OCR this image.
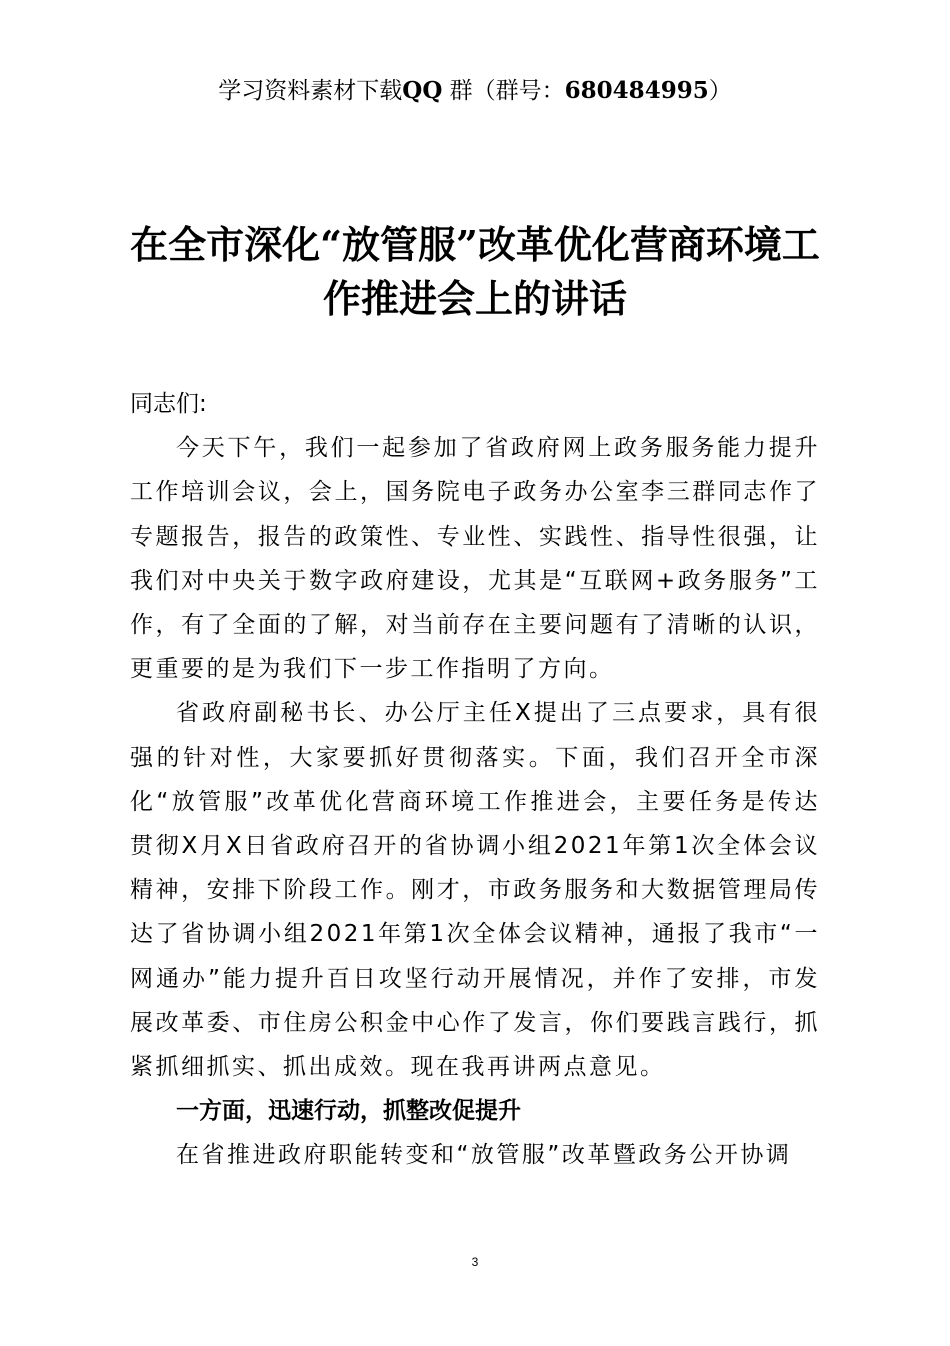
学习资料素材下载QQ 群（群号：680484995）
在全市深化“放管服”改革优化营商环境工
作推进会上的讲话

同志们:

今天下午，我们一起参加了省政府网上政务服务能力提升工作培训会议，会上，国务院电子政务办公室李三群同志作了专题报告，报告的政策性、专业性、实践性、指导性很强，让我们对中央关于数字政府建设，尤其是“互联网+政务服务”工作，有了全面的了解，对当前存在主要问题有了清晰的认识，更重要的是为我们下一步工作指明了方向。

省政府副秘书长、办公厅主任X提出了三点要求，具有很强的针对性，大家要抓好贯彻落实。下面，我们召开全市深化“放管服”改革优化营商环境工作推进会，主要任务是传达贯彻X月X日省政府召开的省协调小组2021年第1次全体会议精神，安排下阶段工作。刚才，市政务服务和大数据管理局传达了省协调小组2021年第1次全体会议精神，通报了我市“一网通办”能力提升百日攻坚行动开展情况，并作了安排，市发展改革委、市住房公积金中心作了发言，你们要践言践行，抓紧抓细抓实、抓出成效。现在我再讲两点意见。

一方面，迅速行动，抓整改促提升

在省推进政府职能转变和“放管服”改革暨政务公开协调

3
